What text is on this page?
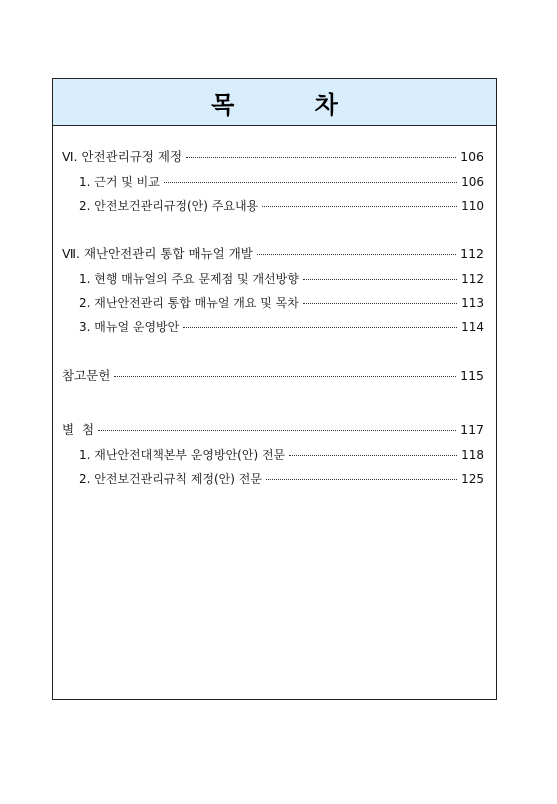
목 차
Ⅵ. 안전관리규정 제정	106
1. 근거 및 비교	106
2. 안전보건관리규정(안) 주요내용	110
Ⅶ. 재난안전관리 통합 매뉴얼 개발	112
1. 현행 매뉴얼의 주요 문제점 및 개선방향	112
2. 재난안전관리 통합 매뉴얼 개요 및 목차	113
3. 매뉴얼 운영방안	114
참고문헌	115
별  첨	117
1. 재난안전대책본부 운영방안(안) 전문	118
2. 안전보건관리규칙 제정(안) 전문	125
